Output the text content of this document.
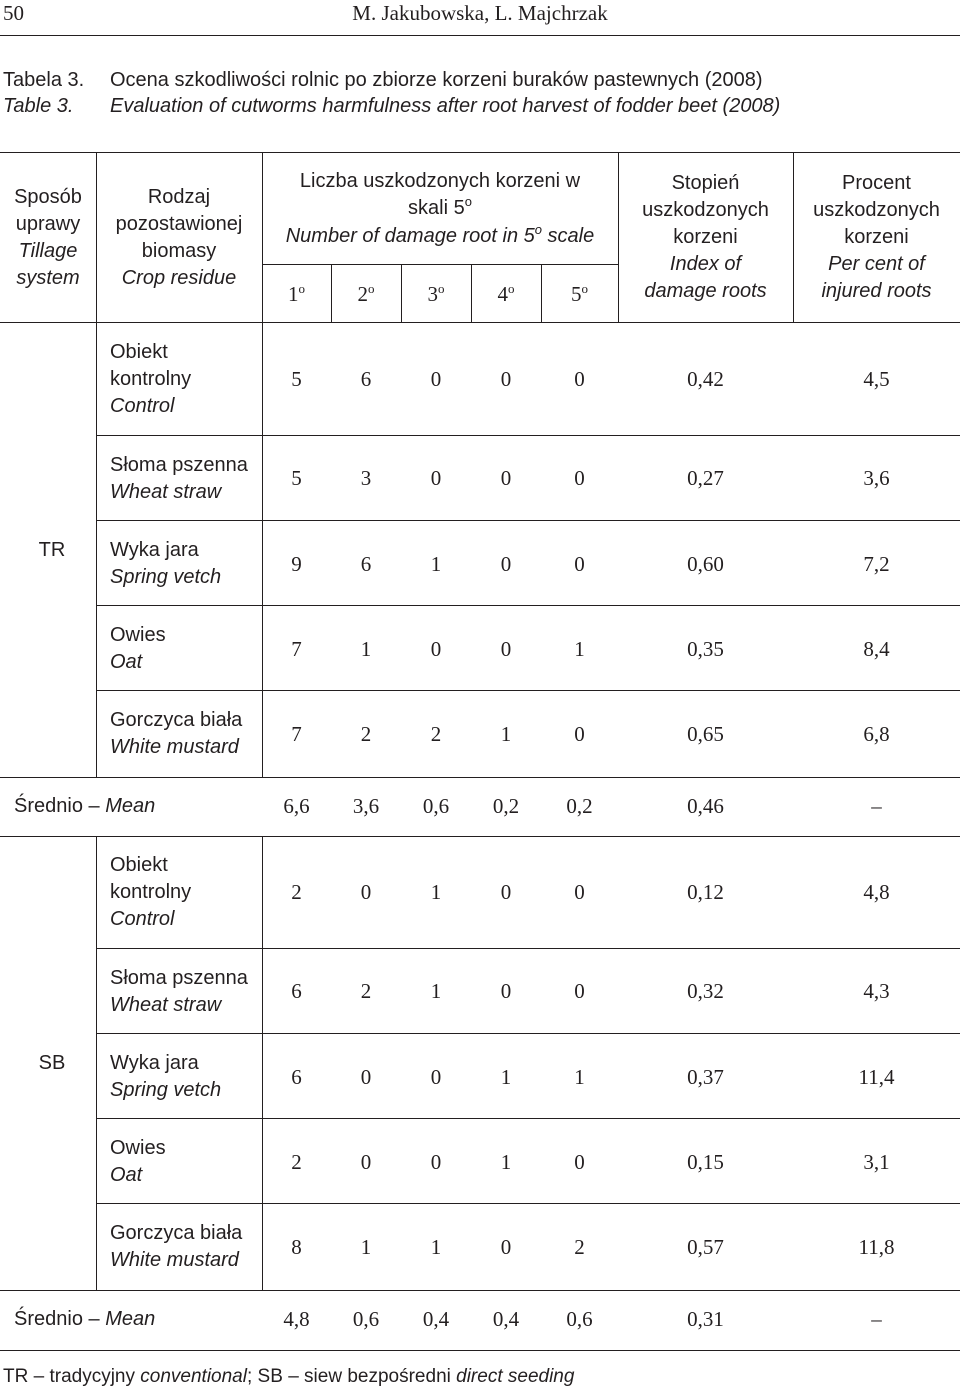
50	M. Jakubowska, L. Majchrzak
Tabela 3. Ocena szkodliwości rolnic po zbiorze korzeni buraków pastewnych (2008)
Table 3. Evaluation of cutworms harmfulness after root harvest of fodder beet (2008)
Sposób
uprawy
Tillage
system
Rodzaj
pozostawionej
biomasy
Crop residue
Liczba uszkodzonych korzeni w
skali 5$^o$
Number of damage root in 5$^o$ scale
1$^o$	2$^o$	3$^o$	4$^o$	5$^o$
Stopień
uszkodzonych
korzeni
Index of
damage roots
Procent
uszkodzonych
korzeni
Per cent of
injured roots
TR
Obiekt
kontrolny
Control
5	6	0	0	0	0,42	4,5
Słoma pszenna
Wheat straw
5	3	0	0	0	0,27	3,6
Wyka jara
Spring vetch
9	6	1	0	0	0,60	7,2
Owies
Oat
7	1	0	0	1	0,35	8,4
Gorczyca biała
White mustard
7	2	2	1	0	0,65	6,8
Średnio – Mean	6,6	3,6	0,6	0,2	0,2	0,46	–
SB
Obiekt
kontrolny
Control
2	0	1	0	0	0,12	4,8
Słoma pszenna
Wheat straw
6	2	1	0	0	0,32	4,3
Wyka jara
Spring vetch
6	0	0	1	1	0,37	11,4
Owies
Oat
2	0	0	1	0	0,15	3,1
Gorczyca biała
White mustard
8	1	1	0	2	0,57	11,8
Średnio – Mean	4,8	0,6	0,4	0,4	0,6	0,31	–
TR – tradycyjny conventional; SB – siew bezpośredni direct seeding
